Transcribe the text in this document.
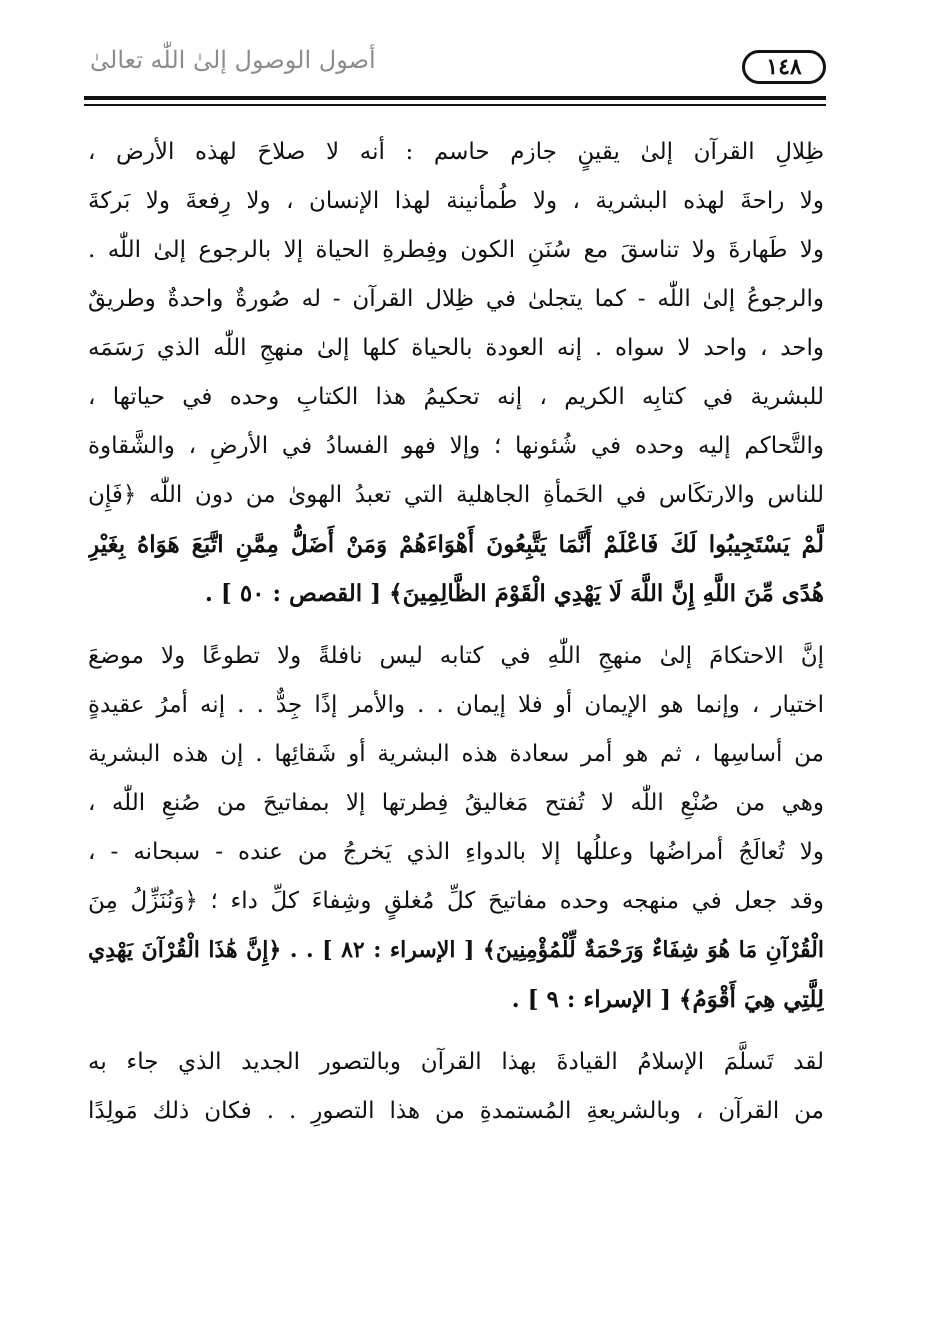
أصول الوصول إلىٰ اللّٰه تعالىٰ	١٤٨
ظِلالِ القرآن إلىٰ يقينٍ جازم حاسم : أنه لا صلاحَ لهذه الأرض ،
ولا راحةَ لهذه البشرية ، ولا طُمأنينة لهذا الإنسان ، ولا رِفعةَ ولا بَركةَ
ولا طَهارةَ ولا تناسقَ مع سُنَنِ الكون وفِطرةِ الحياة إلا بالرجوع إلىٰ اللّٰه .
والرجوعُ إلىٰ اللّٰه - كما يتجلىٰ في ظِلال القرآن - له صُورةٌ واحدةٌ وطريقٌ
واحد ، واحد لا سواه . إنه العودة بالحياة كلها إلىٰ منهجِ اللّٰه الذي رَسَمَه
للبشرية في كتابِه الكريم ، إنه تحكيمُ هذا الكتابِ وحده في حياتها ،
والتَّحاكم إليه وحده في شُئونها ؛ وإلا فهو الفسادُ في الأرضِ ، والشَّقاوة
للناس والارتكَاس في الحَمأةِ الجاهلية التي تعبدُ الهوىٰ من دون اللّٰه ﴿فَإِن
لَّمْ يَسْتَجِيبُوا لَكَ فَاعْلَمْ أَنَّمَا يَتَّبِعُونَ أَهْوَاءَهُمْ وَمَنْ أَضَلُّ مِمَّنِ اتَّبَعَ هَوَاهُ بِغَيْرِ
هُدًى مِّنَ اللَّهِ إِنَّ اللَّهَ لَا يَهْدِي الْقَوْمَ الظَّالِمِينَ﴾ [ القصص : ٥٠ ] .
إنَّ الاحتكامَ إلىٰ منهجِ اللّٰهِ في كتابه ليس نافلةً ولا تطوعًا ولا موضعَ
اختيار ، وإنما هو الإيمان أو فلا إيمان . . والأمر إذًا جِدٌّ . . إنه أمرُ عقيدةٍ
من أساسِها ، ثم هو أمر سعادة هذه البشرية أو شَقائِها . إن هذه البشرية
وهي من صُنْعِ اللّٰه لا تُفتح مَغاليقُ فِطرتها إلا بمفاتيحَ من صُنعِ اللّٰه ،
ولا تُعالَجُ أمراضُها وعللُها إلا بالدواءِ الذي يَخرجُ من عنده - سبحانه - ،
وقد جعل في منهجه وحده مفاتيحَ كلِّ مُغلقٍ وشِفاءَ كلِّ داء ؛ ﴿وَنُنَزِّلُ مِنَ
الْقُرْآنِ مَا هُوَ شِفَاءٌ وَرَحْمَةٌ لِّلْمُؤْمِنِينَ﴾ [ الإسراء : ٨٢ ] . . ﴿إِنَّ هَٰذَا الْقُرْآنَ يَهْدِي
لِلَّتِي هِيَ أَقْوَمُ﴾ [ الإسراء : ٩ ] .
لقد تَسلَّمَ الإسلامُ القيادةَ بهذا القرآن وبالتصور الجديد الذي جاء به
من القرآن ، وبالشريعةِ المُستمدةِ من هذا التصورِ . . فكان ذلك مَولِدًا
